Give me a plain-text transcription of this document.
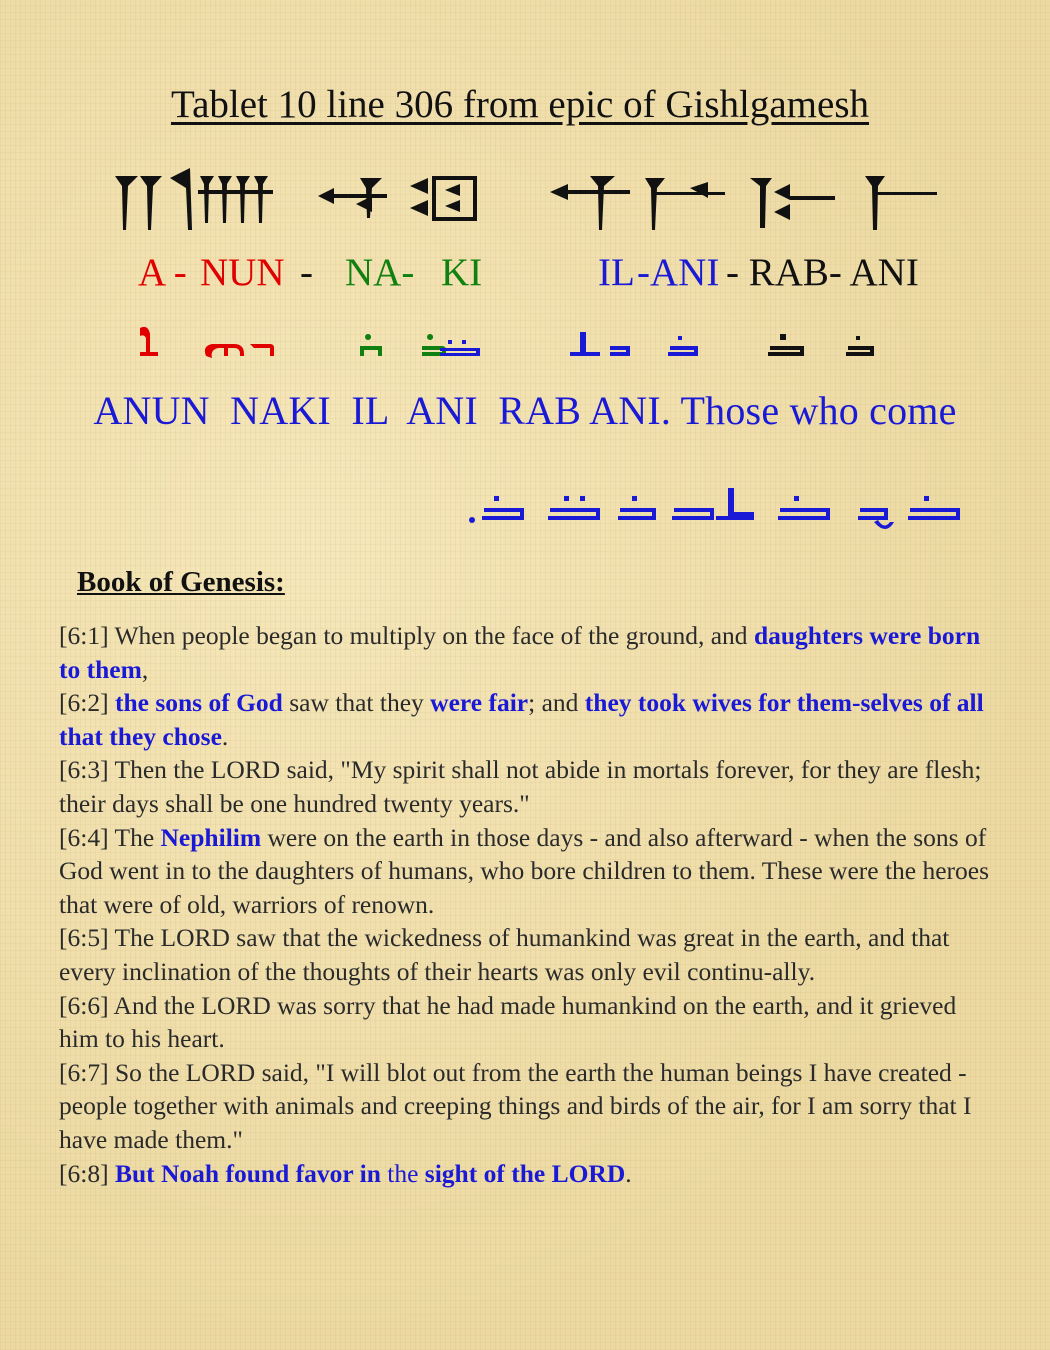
Tablet 10 line 306 from epic of Gishlgamesh
A - NUN - NA- KI	IL -ANI - RAB- ANI
ANUN  NAKI  IL  ANI  RAB ANI. Those who come
Book of Genesis:
[6:1] When people began to multiply on the face of the ground, and daughters were born to them,
[6:2] the sons of God saw that they were fair; and they took wives for them-selves of all that they chose.
[6:3] Then the LORD said, "My spirit shall not abide in mortals forever, for they are flesh; their days shall be one hundred twenty years."
[6:4] The Nephilim were on the earth in those days - and also afterward - when the sons of God went in to the daughters of humans, who bore children to them. These were the heroes that were of old, warriors of renown.
[6:5] The LORD saw that the wickedness of humankind was great in the earth, and that every inclination of the thoughts of their hearts was only evil continu-ally.
[6:6] And the LORD was sorry that he had made humankind on the earth, and it grieved him to his heart.
[6:7] So the LORD said, "I will blot out from the earth the human beings I have created - people together with animals and creeping things and birds of the air, for I am sorry that I have made them."
[6:8] But Noah found favor in the sight of the LORD.
